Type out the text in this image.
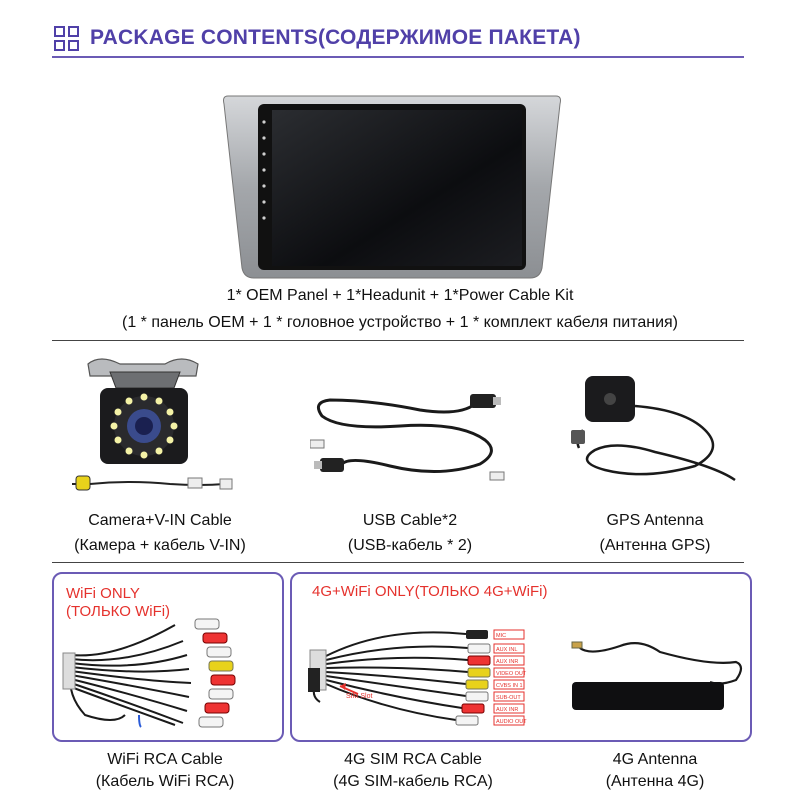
PACKAGE CONTENTS(СОДЕРЖИМОЕ ПАКЕТА)
1* OEM Panel + 1*Headunit + 1*Power Cable Kit
(1 * панель OEM + 1 * головное устройство + 1 * комплект кабеля питания)
Camera+V-IN Cable
(Камера + кабель V-IN)
USB Cable*2
(USB-кабель * 2)
GPS Antenna
(Антенна GPS)
WiFi ONLY
(ТОЛЬКО WiFi)
4G+WiFi ONLY(ТОЛЬКО 4G+WiFi)
MIC
AUX INL
AUX INR
VIDEO OUT
CVBS IN 1
SUB-OUT
AUX INR
AUDIO OUT
SIM Slot
WiFi RCA Cable
(Кабель WiFi RCA)
4G SIM RCA Cable
(4G SIM-кабель RCA)
4G Antenna
(Антенна 4G)
